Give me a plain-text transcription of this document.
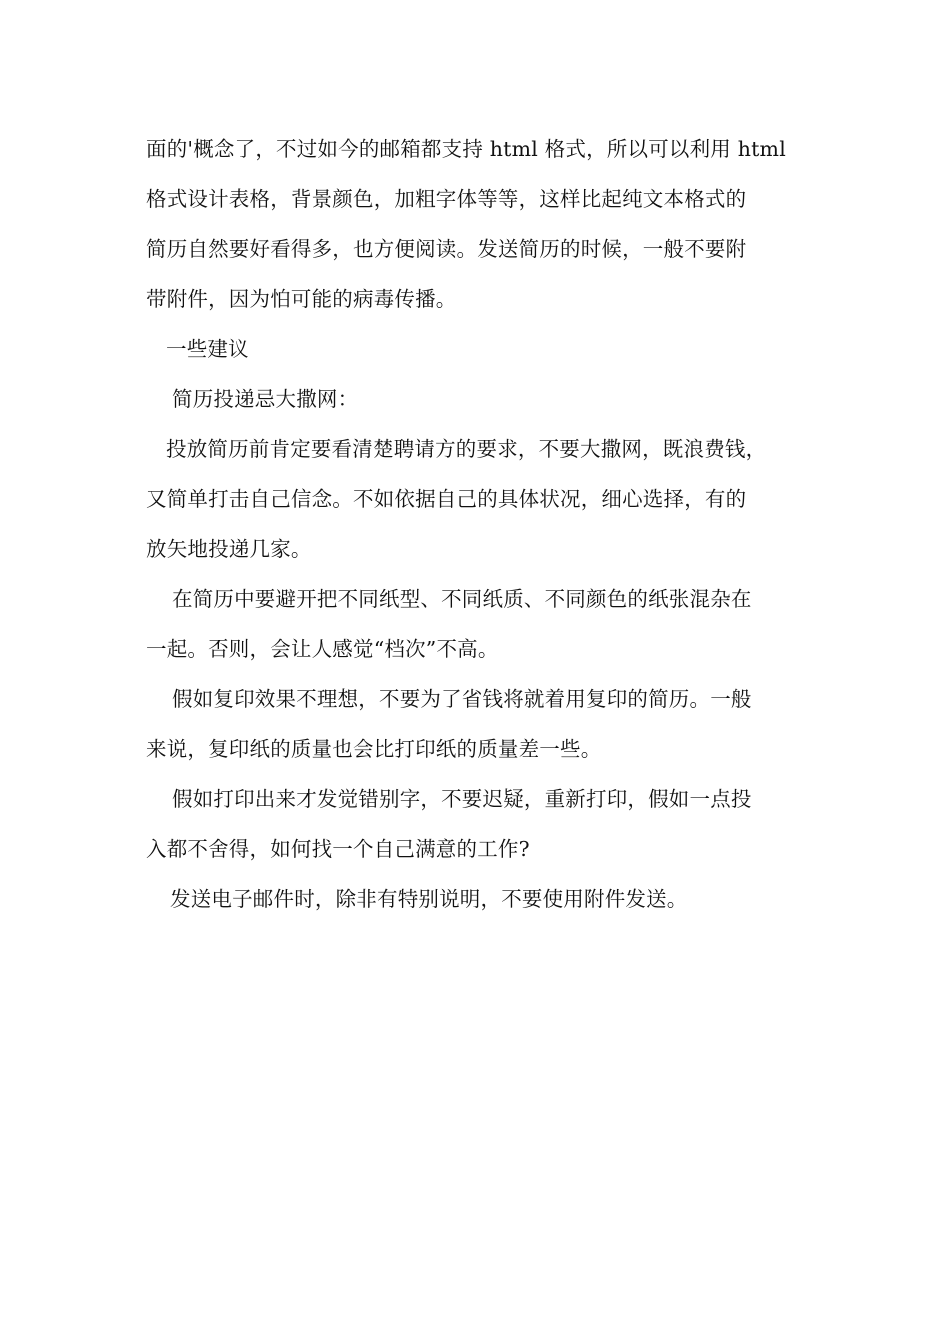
面的'概念了，不过如今的邮箱都支持 html 格式，所以可以利用 html
格式设计表格，背景颜色，加粗字体等等，这样比起纯文本格式的
简历自然要好看得多，也方便阅读。发送简历的时候，一般不要附
带附件，因为怕可能的病毒传播。
一些建议
简历投递忌大撒网：
投放简历前肯定要看清楚聘请方的要求，不要大撒网，既浪费钱，
又简单打击自己信念。不如依据自己的具体状况，细心选择，有的
放矢地投递几家。
在简历中要避开把不同纸型、不同纸质、不同颜色的纸张混杂在
一起。否则，会让人感觉“档次”不高。
假如复印效果不理想，不要为了省钱将就着用复印的简历。一般
来说，复印纸的质量也会比打印纸的质量差一些。
假如打印出来才发觉错别字，不要迟疑，重新打印，假如一点投
入都不舍得，如何找一个自己满意的工作?
发送电子邮件时，除非有特别说明，不要使用附件发送。
